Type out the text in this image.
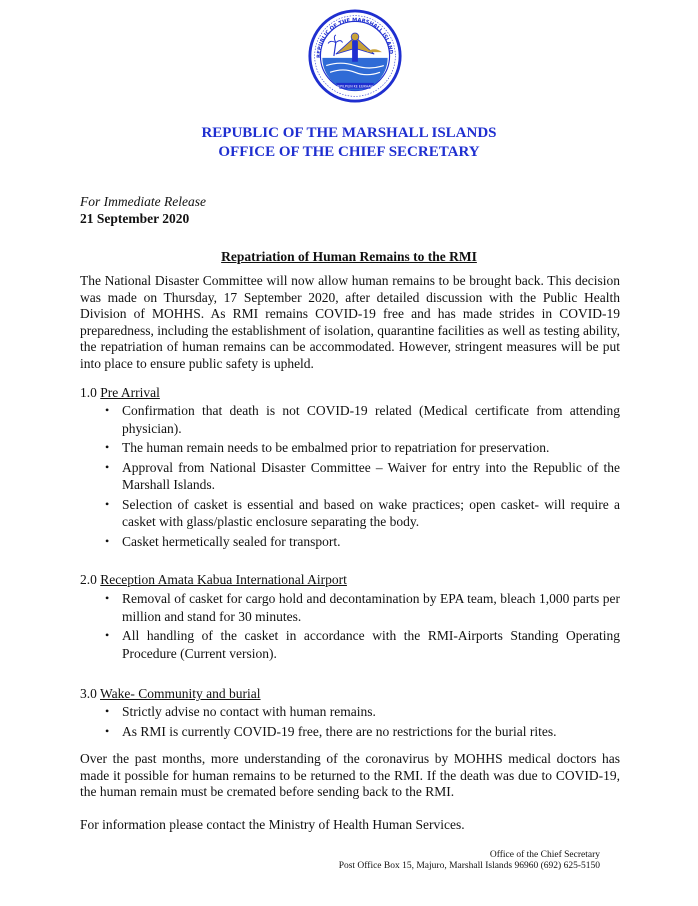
JEPILPILIN KE EJUKAAN
REPUBLIC OF THE MARSHALL ISLAND
REPUBLIC OF THE MARSHALL ISLANDS
OFFICE OF THE CHIEF SECRETARY
For Immediate Release
21 September 2020
Repatriation of Human Remains to the RMI
The National Disaster Committee will now allow human remains to be brought back. This decision was made on Thursday, 17 September 2020, after detailed discussion with the Public Health Division of MOHHS. As RMI remains COVID-19 free and has made strides in COVID-19 preparedness, including the establishment of isolation, quarantine facilities as well as testing ability, the repatriation of human remains can be accommodated. However, stringent measures will be put into place to ensure public safety is upheld.
1.0 Pre Arrival
• Confirmation that death is not COVID-19 related (Medical certificate from attending physician).
• The human remain needs to be embalmed prior to repatriation for preservation.
• Approval from National Disaster Committee – Waiver for entry into the Republic of the Marshall Islands.
• Selection of casket is essential and based on wake practices; open casket- will require a casket with glass/plastic enclosure separating the body.
• Casket hermetically sealed for transport.
2.0 Reception Amata Kabua International Airport
• Removal of casket for cargo hold and decontamination by EPA team, bleach 1,000 parts per million and stand for 30 minutes.
• All handling of the casket in accordance with the RMI-Airports Standing Operating Procedure (Current version).
3.0 Wake- Community and burial
• Strictly advise no contact with human remains.
• As RMI is currently COVID-19 free, there are no restrictions for the burial rites.
Over the past months, more understanding of the coronavirus by MOHHS medical doctors has made it possible for human remains to be returned to the RMI. If the death was due to COVID-19, the human remain must be cremated before sending back to the RMI.
For information please contact the Ministry of Health Human Services.
Office of the Chief Secretary
Post Office Box 15, Majuro, Marshall Islands 96960 (692) 625-5150
